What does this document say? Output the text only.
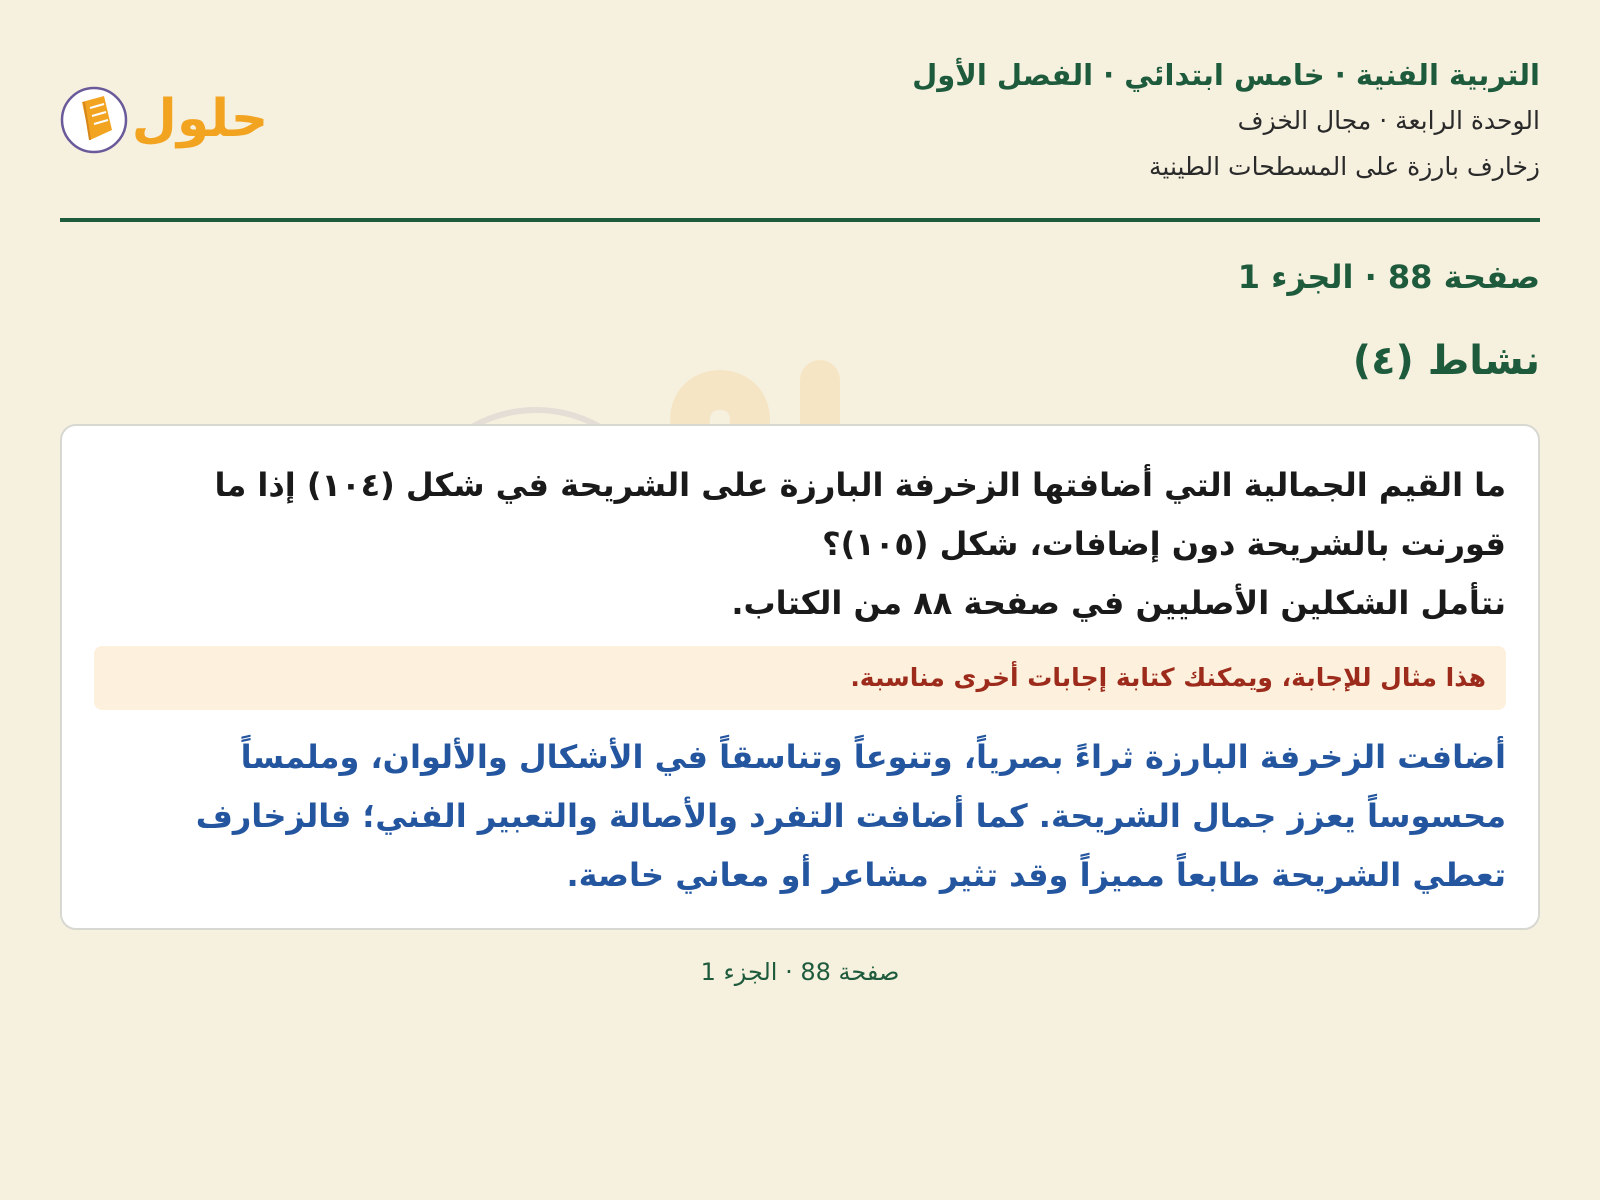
التربية الفنية · خامس ابتدائي · الفصل الأول
الوحدة الرابعة · مجال الخزف
زخارف بارزة على المسطحات الطينية
حلول
صفحة 88 · الجزء 1
نشاط (٤)
ما القيم الجمالية التي أضافتها الزخرفة البارزة على الشريحة في شكل (١٠٤) إذا ما
قورنت بالشريحة دون إضافات، شكل (١٠٥)؟
نتأمل الشكلين الأصليين في صفحة ٨٨ من الكتاب.
هذا مثال للإجابة، ويمكنك كتابة إجابات أخرى مناسبة.
أضافت الزخرفة البارزة ثراءً بصرياً، وتنوعاً وتناسقاً في الأشكال والألوان، وملمساً
محسوساً يعزز جمال الشريحة. كما أضافت التفرد والأصالة والتعبير الفني؛ فالزخارف
تعطي الشريحة طابعاً مميزاً وقد تثير مشاعر أو معاني خاصة.
صفحة 88 · الجزء 1
